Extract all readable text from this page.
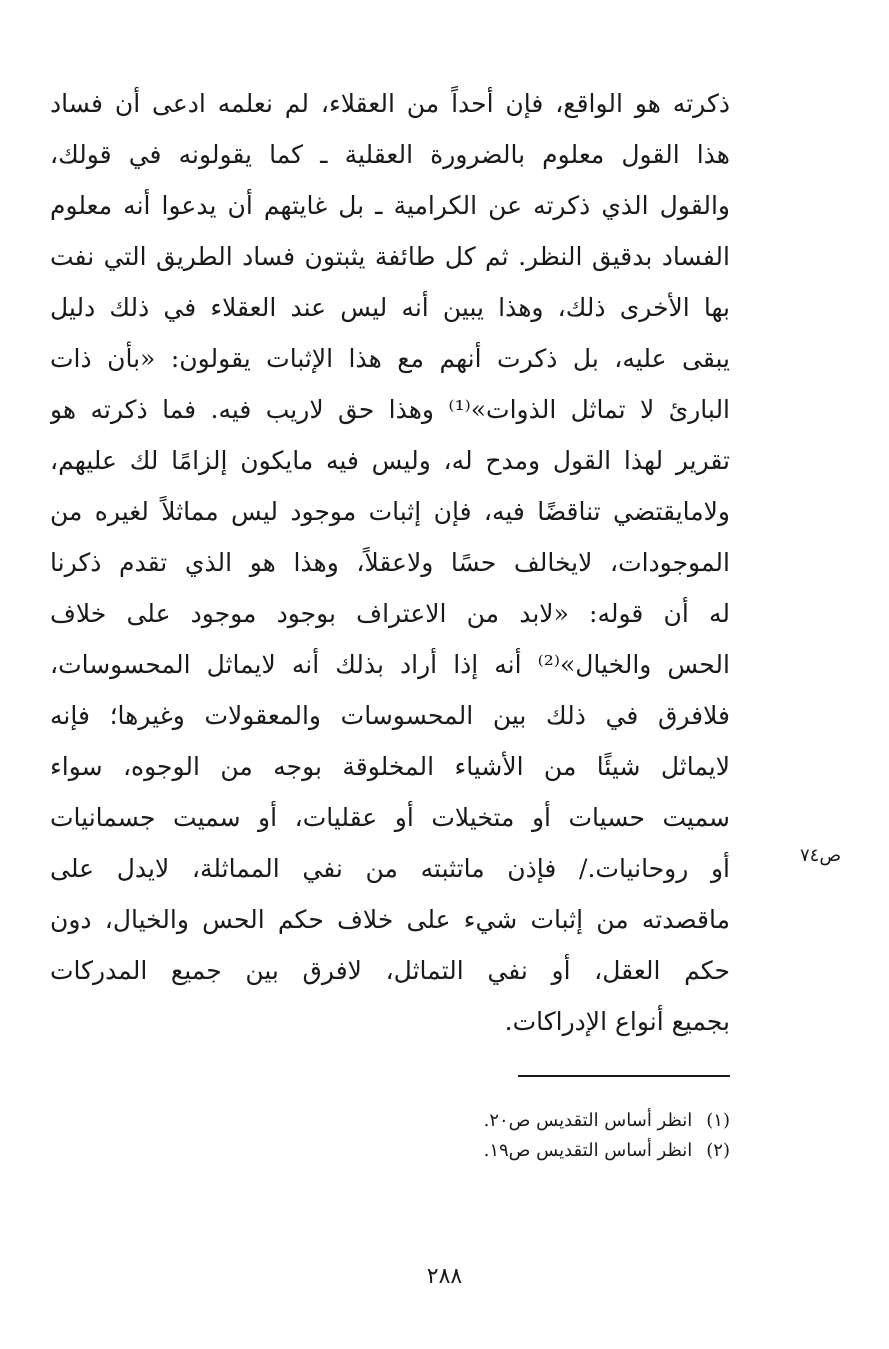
ذكرته هو الواقع، فإن أحداً من العقلاء، لم نعلمه ادعى أن فساد
هذا القول معلوم بالضرورة العقلية ـ كما يقولونه في قولك،
والقول الذي ذكرته عن الكرامية ـ بل غايتهم أن يدعوا أنه معلوم
الفساد بدقيق النظر. ثم كل طائفة يثبتون فساد الطريق التي نفت
بها الأخرى ذلك، وهذا يبين أنه ليس عند العقلاء في ذلك دليل
يبقى عليه، بل ذكرت أنهم مع هذا الإثبات يقولون: «بأن ذات
البارئ لا تماثل الذوات»⁽¹⁾ وهذا حق لاريب فيه. فما ذكرته هو
تقرير لهذا القول ومدح له، وليس فيه مايكون إلزامًا لك عليهم،
ولامايقتضي تناقضًا فيه، فإن إثبات موجود ليس مماثلاً لغيره من
الموجودات، لايخالف حسًا ولاعقلاً، وهذا هو الذي تقدم ذكرنا
له أن قوله: «لابد من الاعتراف بوجود موجود على خلاف
الحس والخيال»⁽²⁾ أنه إذا أراد بذلك أنه لايماثل المحسوسات،
فلافرق في ذلك بين المحسوسات والمعقولات وغيرها؛ فإنه
لايماثل شيئًا من الأشياء المخلوقة بوجه من الوجوه، سواء
سميت حسيات أو متخيلات أو عقليات، أو سميت جسمانيات
أو روحانيات./ فإذن ماتثبته من نفي المماثلة، لايدل على
ماقصدته من إثبات شيء على خلاف حكم الحس والخيال، دون
حكم العقل، أو نفي التماثل، لافرق بين جميع المدركات
بجميع أنواع الإدراكات.
ص٧٤
(١)انظر أساس التقديس ص٢٠.
(٢)انظر أساس التقديس ص١٩.
٢٨٨
